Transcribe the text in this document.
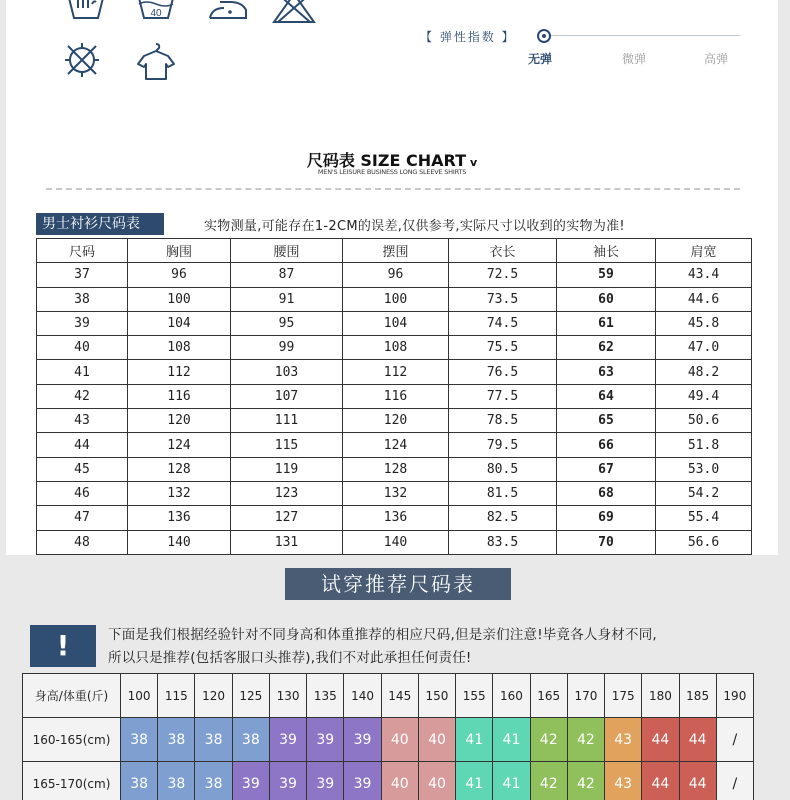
40
【 弹性指数 】
无弹	微弹	高弹
尺码表 SIZE CHART v
MEN'S LEISURE BUSINESS LONG SLEEVE SHIRTS
男士衬衫尺码表	实物测量,可能存在1-2CM的误差,仅供参考,实际尺寸以收到的实物为准!
尺码	胸围	腰围	摆围	衣长	袖长	肩宽
37	96	87	96	72.5	59	43.4
38	100	91	100	73.5	60	44.6
39	104	95	104	74.5	61	45.8
40	108	99	108	75.5	62	47.0
41	112	103	112	76.5	63	48.2
42	116	107	116	77.5	64	49.4
43	120	111	120	78.5	65	50.6
44	124	115	124	79.5	66	51.8
45	128	119	128	80.5	67	53.0
46	132	123	132	81.5	68	54.2
47	136	127	136	82.5	69	55.4
48	140	131	140	83.5	70	56.6
试穿推荐尺码表
!	下面是我们根据经验针对不同身高和体重推荐的相应尺码,但是亲们注意!毕竟各人身材不同,
所以只是推荐(包括客服口头推荐),我们不对此承担任何责任!
身高/体重(斤)	100	115	120	125	130	135	140	145	150	155	160	165	170	175	180	185	190
160-165(cm)	38	38	38	38	39	39	39	40	40	41	41	42	42	43	44	44	/
165-170(cm)	38	38	38	39	39	39	39	40	40	41	41	42	42	43	44	44	/
